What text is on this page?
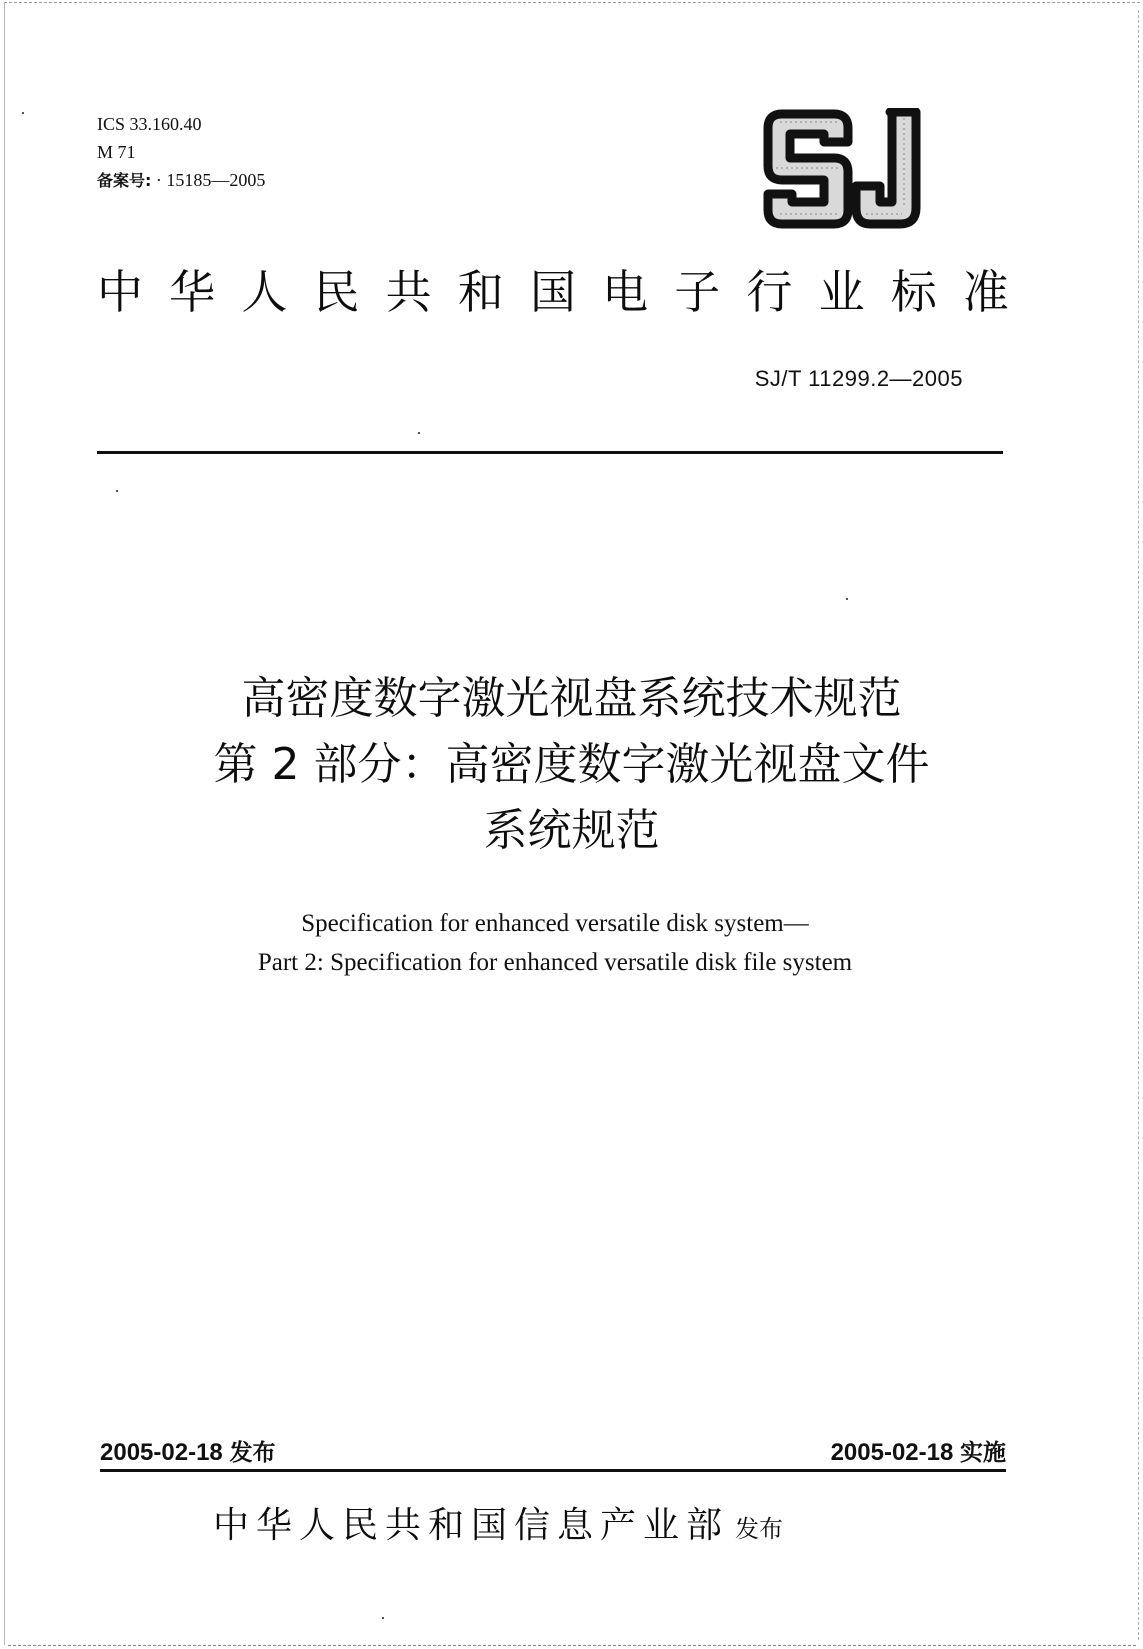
ICS 33.160.40
M 71
备案号: · 15185—2005
中 华 人 民 共 和 国 电 子 行 业 标 准
SJ/T 11299.2—2005
高密度数字激光视盘系统技术规范
第 2 部分：高密度数字激光视盘文件
系统规范
Specification for enhanced versatile disk system—
Part 2: Specification for enhanced versatile disk file system
2005-02-18 发布	2005-02-18 实施
中华人民共和国信息产业部 发布
